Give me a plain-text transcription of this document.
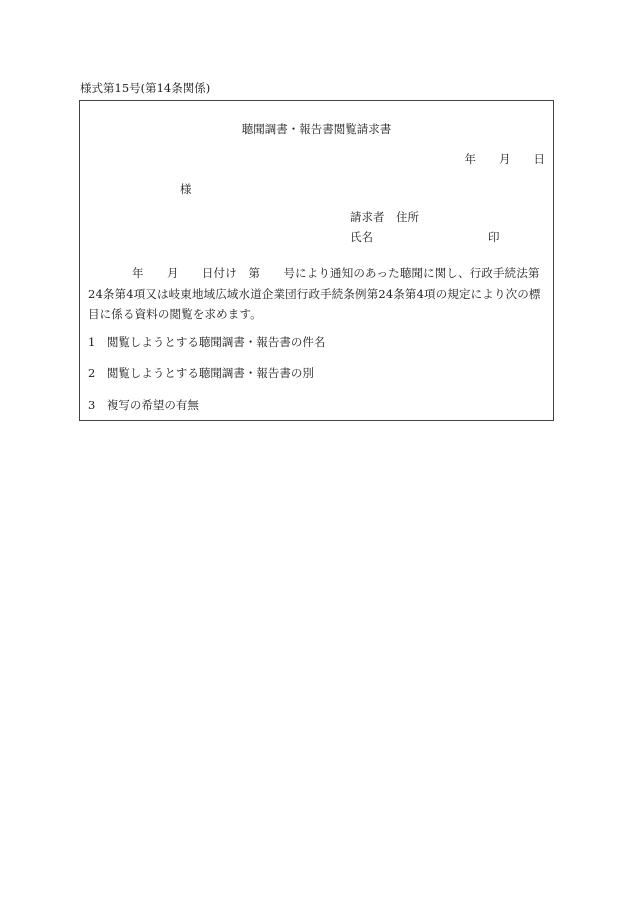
様式第15号(第14条関係)
聴聞調書・報告書閲覧請求書
年　　月　　日
様
請求者　住所
氏名	印
年　　月　　日付け　第　　号により通知のあった聴聞に関し、行政手続法第24条第4項又は岐東地域広域水道企業団行政手続条例第24条第4項の規定により次の標目に係る資料の閲覧を求めます。
1　閲覧しようとする聴聞調書・報告書の件名
2　閲覧しようとする聴聞調書・報告書の別
3　複写の希望の有無
